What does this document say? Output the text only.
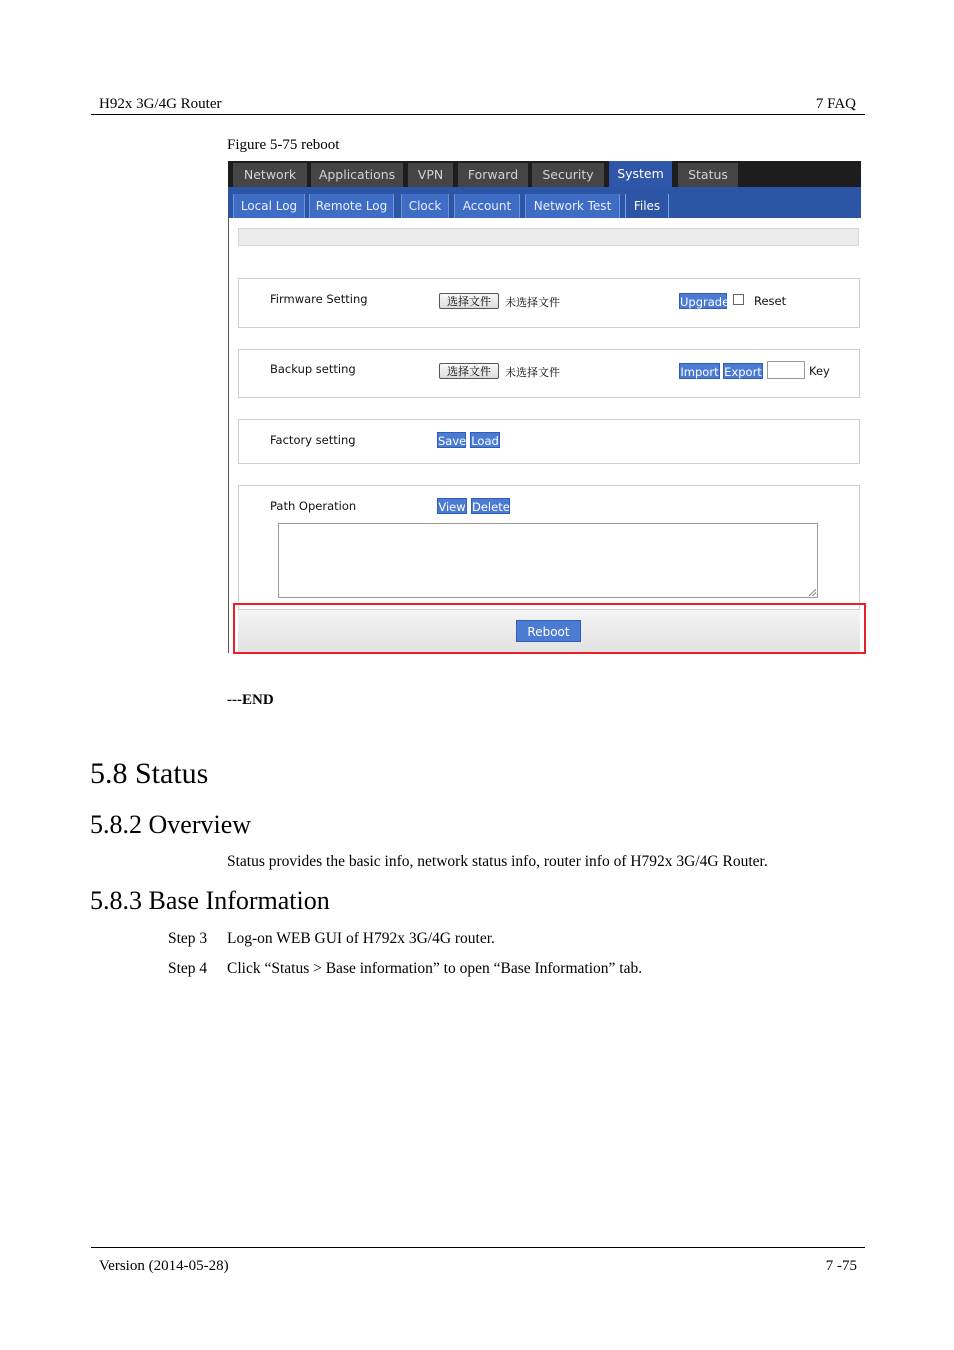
H92x 3G/4G Router	7 FAQ
Figure 5-75 reboot
Network	Applications	VPN	Forward	Security	System	Status
Local Log	Remote Log	Clock	Account	Network Test	Files
Firmware Setting	选择文件	未选择文件	Upgrade Reset
Backup setting	选择文件	未选择文件	Import Export	Key
Factory setting	Save Load
Path Operation	View Delete
Reboot
---END
5.8 Status
5.8.2 Overview
Status provides the basic info, network status info, router info of H792x 3G/4G Router.
5.8.3 Base Information
Step 3 Log-on WEB GUI of H792x 3G/4G router.
Step 4 Click “Status > Base information” to open “Base Information” tab.
Version (2014-05-28)	7 -75
